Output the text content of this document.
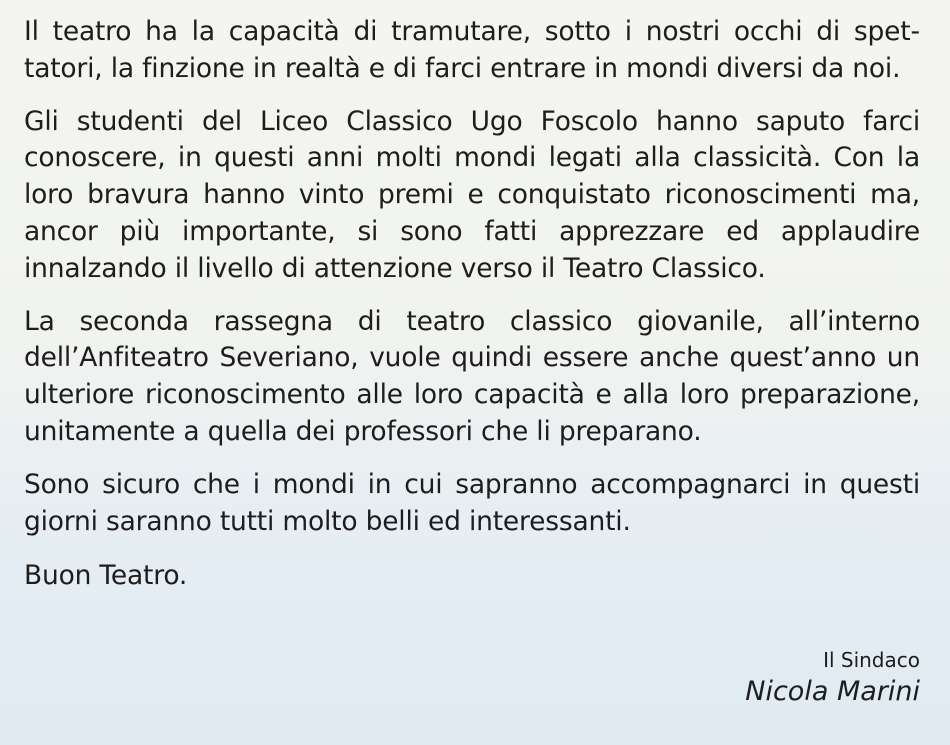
Il teatro ha la capacità di tramutare, sotto i nostri occhi di spettatori, la finzione in realtà e di farci entrare in mondi diversi da noi.

Gli studenti del Liceo Classico Ugo Foscolo hanno saputo farci conoscere, in questi anni molti mondi legati alla classicità. Con la loro bravura hanno vinto premi e conquistato riconoscimenti ma, ancor più importante, si sono fatti apprezzare ed applaudire innalzando il livello di attenzione verso il Teatro Classico.

La seconda rassegna di teatro classico giovanile, all’interno dell’Anfiteatro Severiano, vuole quindi essere anche quest’anno un ulteriore riconoscimento alle loro capacità e alla loro preparazione, unitamente a quella dei professori che li preparano.

Sono sicuro che i mondi in cui sapranno accompagnarci in questi giorni saranno tutti molto belli ed interessanti.

Buon Teatro.

Il Sindaco
Nicola Marini
